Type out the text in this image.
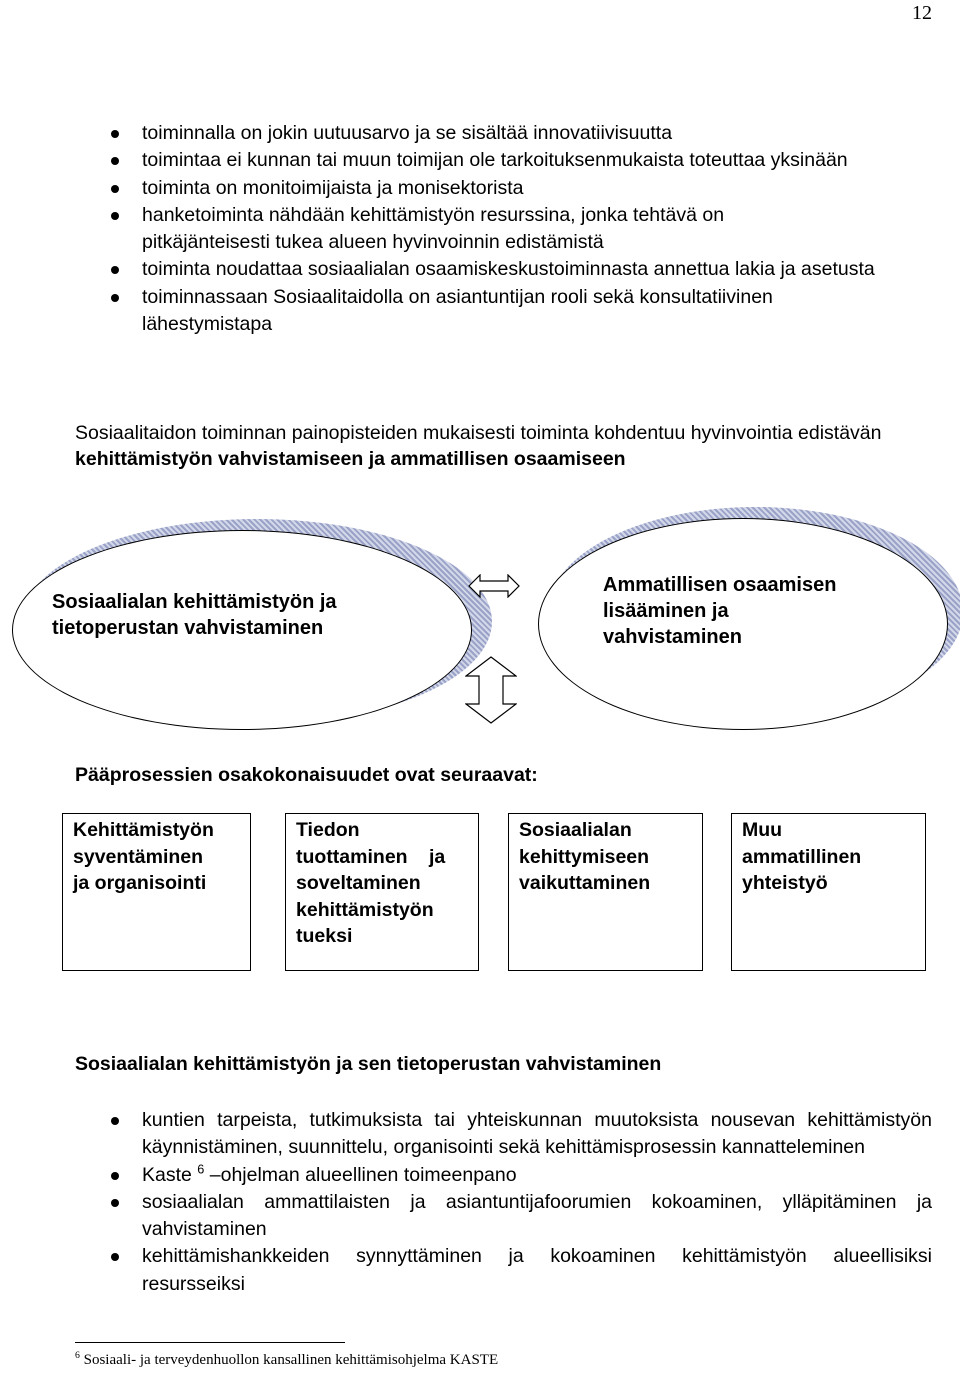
12
toiminnalla on jokin uutuusarvo ja se sisältää innovatiivisuutta
toimintaa ei kunnan tai muun toimijan ole tarkoituksenmukaista toteuttaa yksinään
toiminta on monitoimijaista ja monisektorista
hanketoiminta nähdään kehittämistyön resurssina, jonka tehtävä on pitkäjänteisesti tukea alueen hyvinvoinnin edistämistä
toiminta noudattaa sosiaalialan osaamiskeskustoiminnasta annettua lakia ja asetusta
toiminnassaan Sosiaalitaidolla on asiantuntijan rooli sekä konsultatiivinen lähestymistapa
Sosiaalitaidon toiminnan painopisteiden mukaisesti toiminta kohdentuu hyvinvointia edistävän kehittämistyön vahvistamiseen ja ammatillisen osaamiseen
Sosiaalialan kehittämistyön ja
tietoperustan vahvistaminen
Ammatillisen osaamisen
lisääminen ja
vahvistaminen
Pääprosessien osakokonaisuudet ovat seuraavat:
Kehittämistyön
syventäminen
ja organisointi
Tiedon
tuottaminen ja
soveltaminen
kehittämistyön
tueksi
Sosiaalialan
kehittymiseen
vaikuttaminen
Muu
ammatillinen
yhteistyö
Sosiaalialan kehittämistyön ja sen tietoperustan vahvistaminen
kuntien tarpeista, tutkimuksista tai yhteiskunnan muutoksista nousevan kehittämistyön käynnistäminen, suunnittelu, organisointi sekä kehittämisprosessin kannatteleminen
Kaste $^6$ –ohjelman alueellinen toimeenpano
sosiaalialan ammattilaisten ja asiantuntijafoorumien kokoaminen, ylläpitäminen ja vahvistaminen
kehittämishankkeiden synnyttäminen ja kokoaminen kehittämistyön alueellisiksi resursseiksi
$^6$ Sosiaali- ja terveydenhuollon kansallinen kehittämisohjelma KASTE
